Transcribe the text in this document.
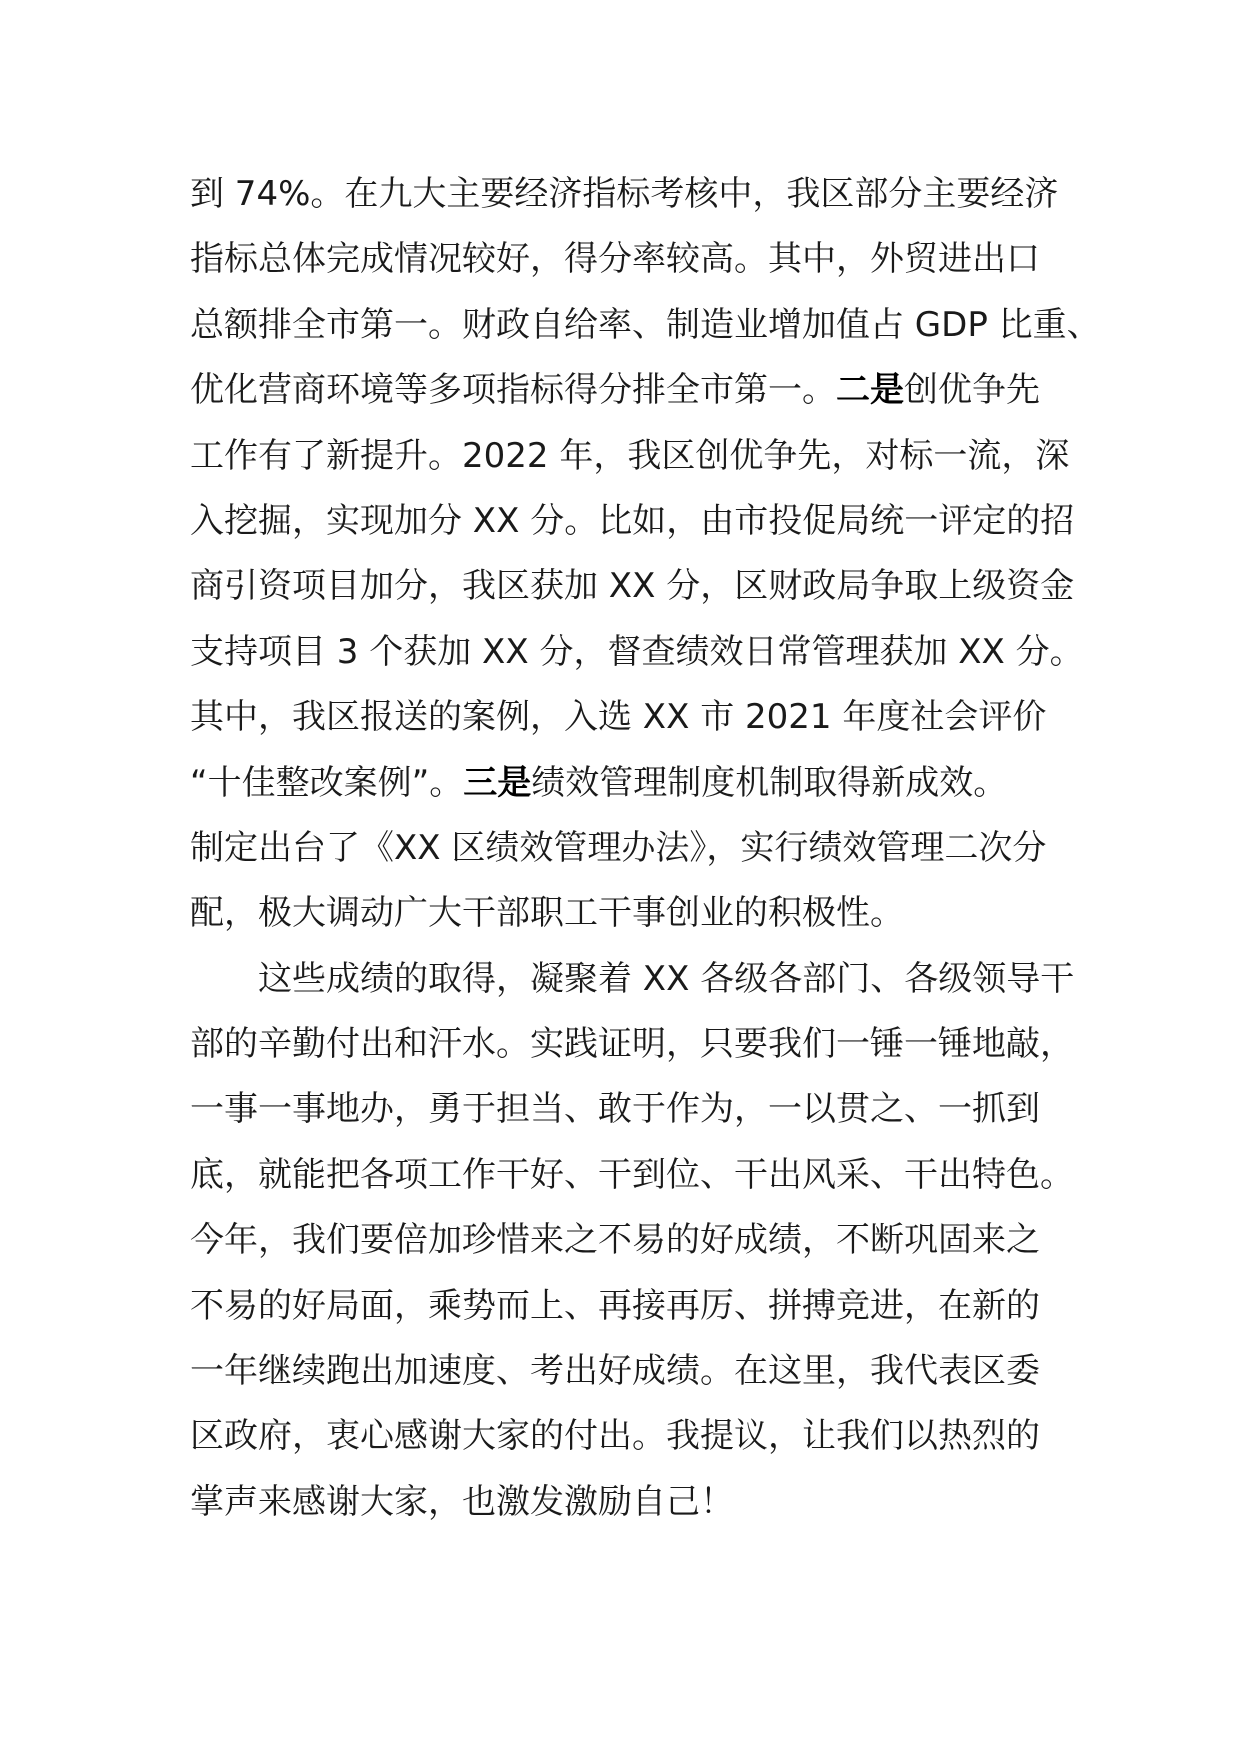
到 74%。在九大主要经济指标考核中，我区部分主要经济
指标总体完成情况较好，得分率较高。其中，外贸进出口
总额排全市第一。财政自给率、制造业增加值占 GDP 比重、
优化营商环境等多项指标得分排全市第一。二是创优争先
工作有了新提升。2022 年，我区创优争先，对标一流，深
入挖掘，实现加分 XX 分。比如，由市投促局统一评定的招
商引资项目加分，我区获加 XX 分，区财政局争取上级资金
支持项目 3 个获加 XX 分，督查绩效日常管理获加 XX 分。
其中，我区报送的案例，入选 XX 市 2021 年度社会评价
“十佳整改案例”。三是绩效管理制度机制取得新成效。
制定出台了《XX 区绩效管理办法》，实行绩效管理二次分
配，极大调动广大干部职工干事创业的积极性。
这些成绩的取得，凝聚着 XX 各级各部门、各级领导干
部的辛勤付出和汗水。实践证明，只要我们一锤一锤地敲，
一事一事地办，勇于担当、敢于作为，一以贯之、一抓到
底，就能把各项工作干好、干到位、干出风采、干出特色。
今年，我们要倍加珍惜来之不易的好成绩，不断巩固来之
不易的好局面，乘势而上、再接再厉、拼搏竞进，在新的
一年继续跑出加速度、考出好成绩。在这里，我代表区委
区政府，衷心感谢大家的付出。我提议，让我们以热烈的
掌声来感谢大家，也激发激励自己！
